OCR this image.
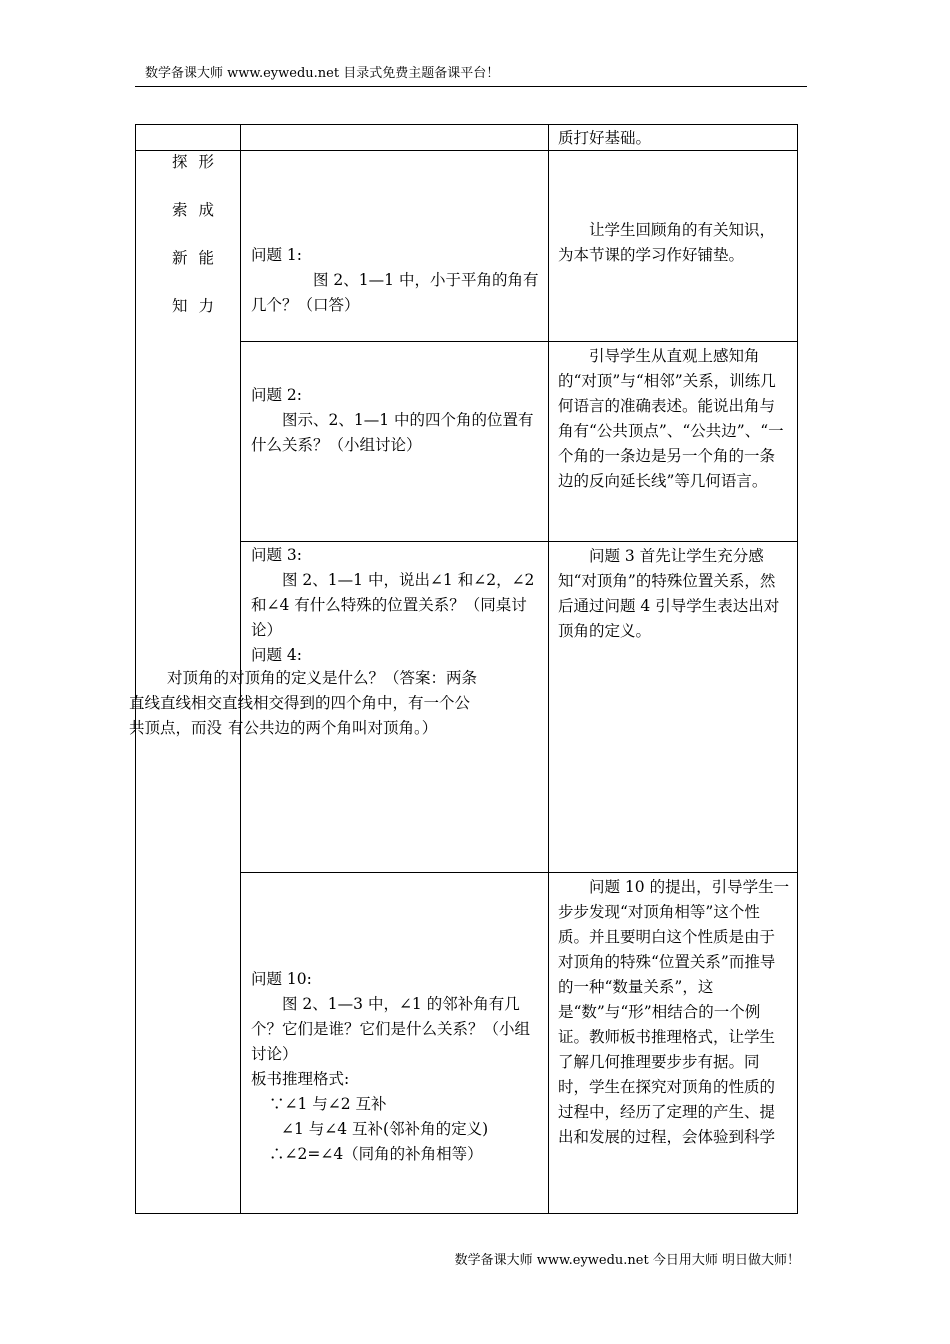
数学备课大师 www.eywedu.net 目录式免费主题备课平台！
质打好基础。
探 形
索 成
新 能
知 力

问题 1:

图 2、1—1 中，小于平角的角有几个？（口答）

让学生回顾角的有关知识，为本节课的学习作好铺垫。

问题 2:

图示、2、1—1 中的四个角的位置有什么关系？（小组讨论）

引导学生从直观上感知角的“对顶”与“相邻”关系，训练几何语言的准确表述。能说出角与角有“公共顶点”、“公共边”、“一个角的一条边是另一个角的一条边的反向延长线”等几何语言。

问题 3:

图 2、1—1 中，说出∠1 和∠2，∠2 和∠4 有什么特殊的位置关系？（同桌讨论）

问题 4:

对顶角的对顶角的定义是什么？（答案：两条
直线直线相交直线相交得到的四个角中，有一个公
共顶点，而没 有公共边的两个角叫对顶角。）
问题 3 首先让学生充分感知“对顶角”的特殊位置关系，然后通过问题 4 引导学生表达出对顶角的定义。

问题 10:

图 2、1—3 中，∠1 的邻补角有几个？它们是谁？它们是什么关系？（小组讨论）

板书推理格式:

∵∠1 与∠2 互补

∠1 与∠4 互补(邻补角的定义)

∴∠2=∠4（同角的补角相等）

问题 10 的提出，引导学生一步步发现“对顶角相等”这个性质。并且要明白这个性质是由于对顶角的特殊“位置关系”而推导的一种“数量关系”，这是“数”与“形”相结合的一个例证。教师板书推理格式，让学生了解几何推理要步步有据。同时，学生在探究对顶角的性质的过程中，经历了定理的产生、提出和发展的过程，会体验到科学
数学备课大师 www.eywedu.net 今日用大师 明日做大师！
